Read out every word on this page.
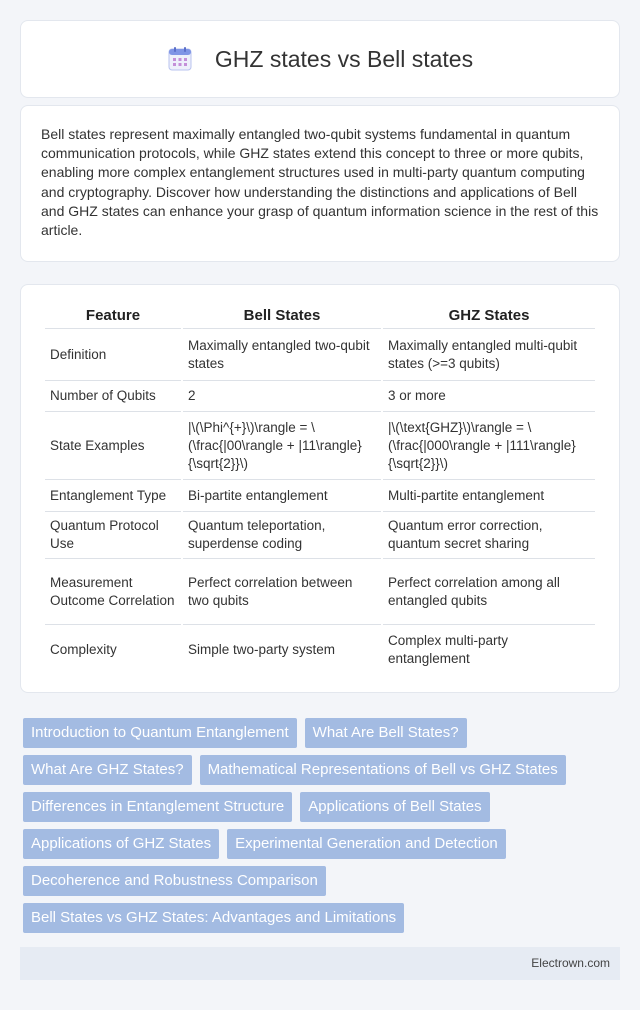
GHZ states vs Bell states

Bell states represent maximally entangled two-qubit systems fundamental in quantum communication protocols, while GHZ states extend this concept to three or more qubits, enabling more complex entanglement structures used in multi-party quantum computing and cryptography. Discover how understanding the distinctions and applications of Bell and GHZ states can enhance your grasp of quantum information science in the rest of this article.

Feature	Bell States	GHZ States
Definition	Maximally entangled two-qubit states	Maximally entangled multi-qubit states (>=3 qubits)
Number of Qubits	2	3 or more
State Examples	|\(\Phi^{+}\)\rangle = \(\frac{|00\rangle + |11\rangle}{\sqrt{2}}\)	|\(\text{GHZ}\)\rangle = \(\frac{|000\rangle + |111\rangle}{\sqrt{2}}\)
Entanglement Type	Bi-partite entanglement	Multi-partite entanglement
Quantum Protocol Use	Quantum teleportation, superdense coding	Quantum error correction, quantum secret sharing
Measurement Outcome Correlation	Perfect correlation between two qubits	Perfect correlation among all entangled qubits
Complexity	Simple two-party system	Complex multi-party entanglement
Introduction to Quantum Entanglement	What Are Bell States?
What Are GHZ States?	Mathematical Representations of Bell vs GHZ States
Differences in Entanglement Structure	Applications of Bell States
Applications of GHZ States	Experimental Generation and Detection
Decoherence and Robustness Comparison
Bell States vs GHZ States: Advantages and Limitations
Electrown.com
